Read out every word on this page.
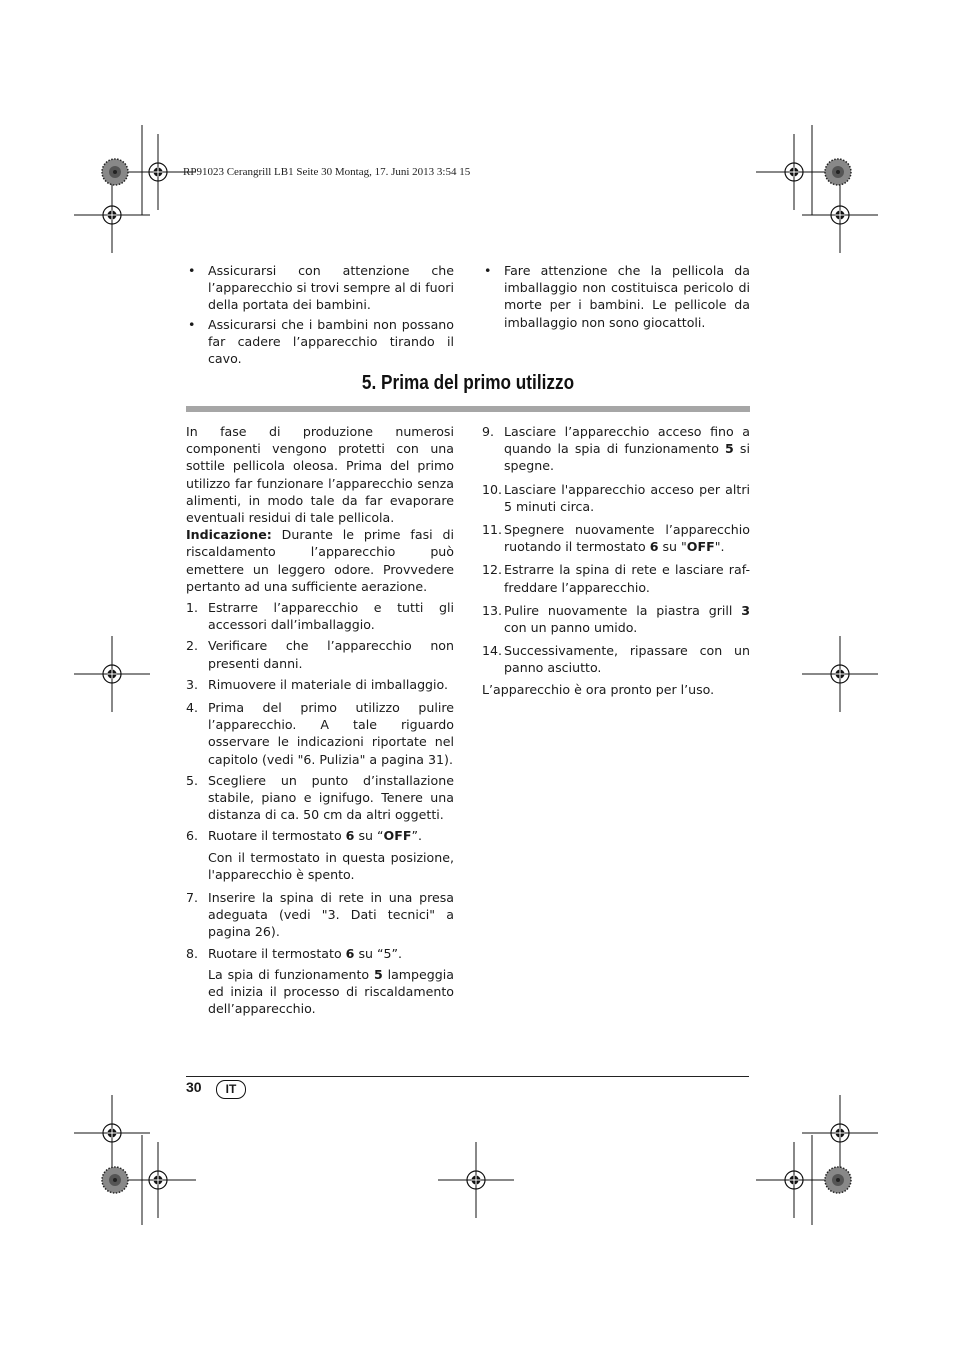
RP91023 Cerangrill LB1 Seite 30 Montag, 17. Juni 2013 3:54 15
• Assicurarsi con attenzione che l’apparecchio si trovi sempre al di fuori della portata dei bambini.
• Assicurarsi che i bambini non possano far cadere l’apparecchio tirando il cavo.
• Fare attenzione che la pellicola da imballaggio non costituisca pericolo di morte per i bambini. Le pellicole da imballaggio non sono giocattoli.
5. Prima del primo utilizzo

In fase di produzione numerosi componenti vengono protetti con una sottile pellicola oleosa. Prima del primo utilizzo far funzionare l’apparecchio senza alimenti, in modo tale da far evaporare eventuali residui di tale pellicola.

Indicazione: Durante le prime fasi di riscaldamento l’apparecchio può emettere un leggero odore. Provvedere pertanto ad una sufficiente aerazione.

1. Estrarre l’apparecchio e tutti gli accessori dall’imballaggio.
2. Verificare che l’apparecchio non presenti danni.
3. Rimuovere il materiale di imballaggio.
4. Prima del primo utilizzo pulire l’apparecchio. A tale riguardo osservare le indicazioni riportate nel capitolo (vedi "6. Pulizia" a pagina 31).
5. Scegliere un punto d’installazione stabile, piano e ignifugo. Tenere una distanza di ca. 50 cm da altri oggetti.
6. Ruotare il termostato 6 su “OFF”.
Con il termostato in questa posizione, l'apparecchio è spento.
7. Inserire la spina di rete in una presa adeguata (vedi "3. Dati tecnici" a pagina 26).
8. Ruotare il termostato 6 su “5”.
La spia di funzionamento 5 lampeggia ed inizia il processo di riscaldamento dell’apparecchio.
9. Lasciare l’apparecchio acceso fino a quando la spia di funzionamento 5 si spegne.
10. Lasciare l'apparecchio acceso per altri 5 minuti circa.
11. Spegnere nuovamente l’apparecchio ruotando il termostato 6 su "OFF".
12. Estrarre la spina di rete e lasciare raf-freddare l’apparecchio.
13. Pulire nuovamente la piastra grill 3 con un panno umido.
14. Successivamente, ripassare con un panno asciutto.

L’apparecchio è ora pronto per l’uso.

30	IT
